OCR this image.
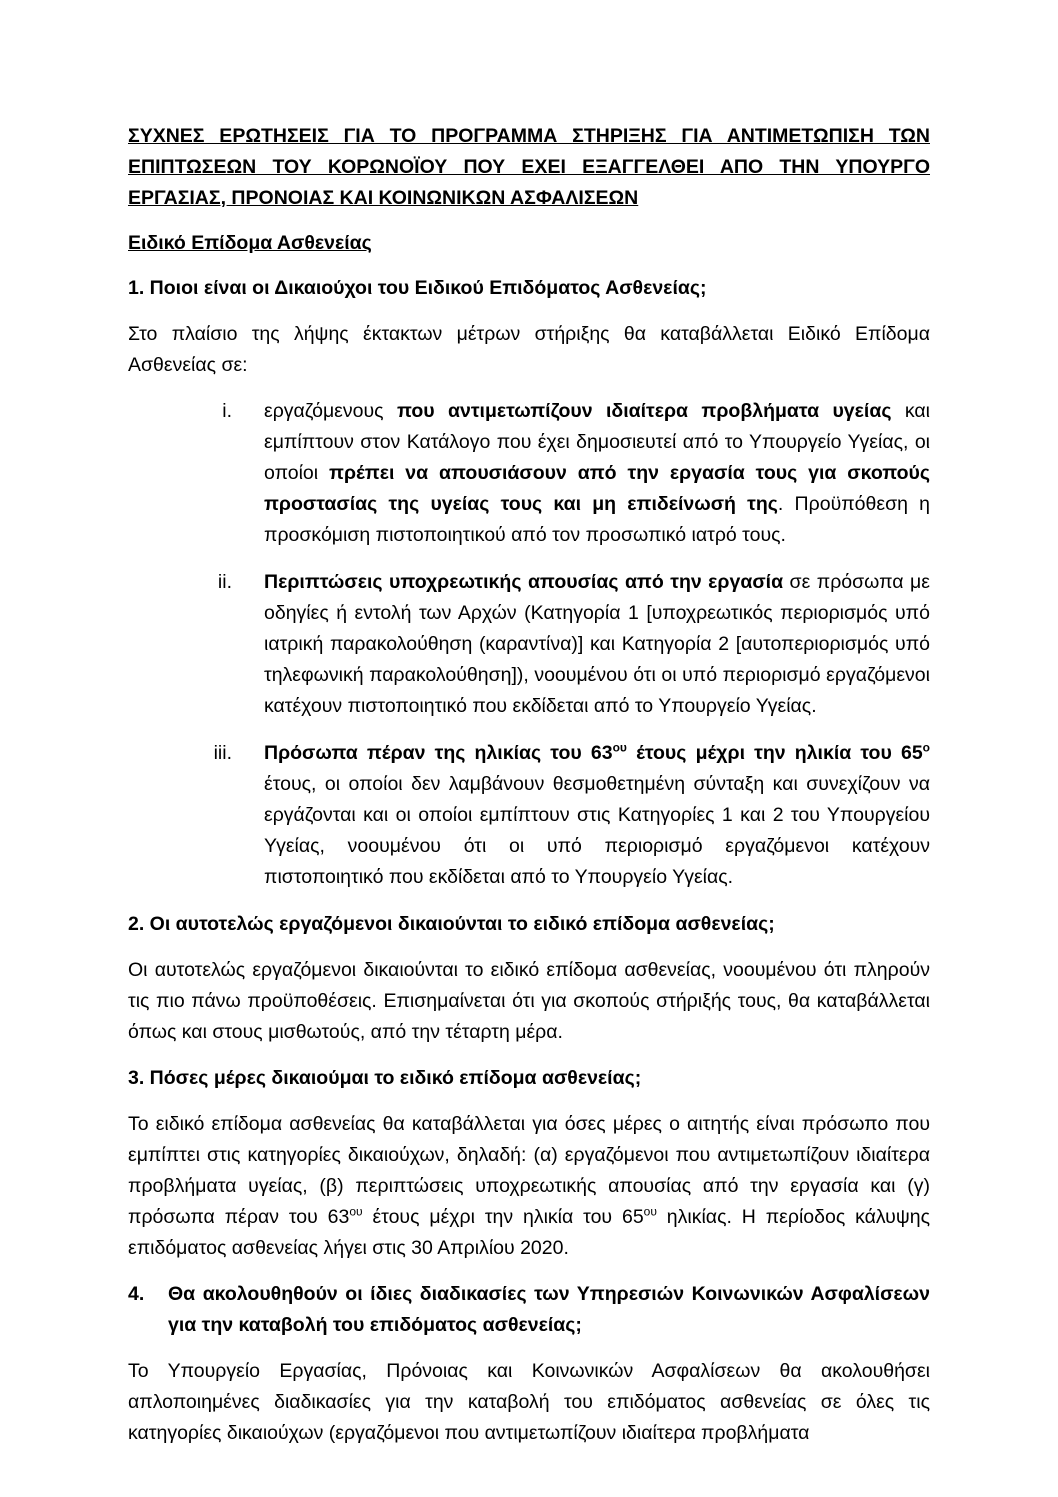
ΣΥΧΝΕΣ ΕΡΩΤΗΣΕΙΣ ΓΙΑ ΤΟ ΠΡΟΓΡΑΜΜΑ ΣΤΗΡΙΞΗΣ ΓΙΑ ΑΝΤΙΜΕΤΩΠΙΣΗ ΤΩΝ ΕΠΙΠΤΩΣΕΩΝ ΤΟΥ ΚΟΡΩΝΟΪΟΥ ΠΟΥ ΕΧΕΙ ΕΞΑΓΓΕΛΘΕΙ ΑΠΟ ΤΗΝ ΥΠΟΥΡΓΟ ΕΡΓΑΣΙΑΣ, ΠΡΟΝΟΙΑΣ ΚΑΙ ΚΟΙΝΩΝΙΚΩΝ ΑΣΦΑΛΙΣΕΩΝ
Ειδικό Επίδομα Ασθενείας
1. Ποιοι είναι οι Δικαιούχοι του Ειδικού Επιδόματος Ασθενείας;
Στο πλαίσιο της λήψης έκτακτων μέτρων στήριξης θα καταβάλλεται Ειδικό Επίδομα Ασθενείας σε:
i.	εργαζόμενους που αντιμετωπίζουν ιδιαίτερα προβλήματα υγείας και εμπίπτουν στον Κατάλογο που έχει δημοσιευτεί από το Υπουργείο Υγείας, οι οποίοι πρέπει να απουσιάσουν από την εργασία τους για σκοπούς προστασίας της υγείας τους και μη επιδείνωσή της. Προϋπόθεση η προσκόμιση πιστοποιητικού από τον προσωπικό ιατρό τους.
ii.	Περιπτώσεις υποχρεωτικής απουσίας από την εργασία σε πρόσωπα με οδηγίες ή εντολή των Αρχών (Κατηγορία 1 [υποχρεωτικός περιορισμός υπό ιατρική παρακολούθηση (καραντίνα)] και Κατηγορία 2 [αυτοπεριορισμός υπό τηλεφωνική παρακολούθηση]), νοουμένου ότι οι υπό περιορισμό εργαζόμενοι κατέχουν πιστοποιητικό που εκδίδεται από το Υπουργείο Υγείας.
iii.	Πρόσωπα πέραν της ηλικίας του $63^{o\upsilon}$ έτους μέχρι την ηλικία του $65^o$ έτους, οι οποίοι δεν λαμβάνουν θεσμοθετημένη σύνταξη και συνεχίζουν να εργάζονται και οι οποίοι εμπίπτουν στις Κατηγορίες 1 και 2 του Υπουργείου Υγείας, νοουμένου ότι οι υπό περιορισμό εργαζόμενοι κατέχουν πιστοποιητικό που εκδίδεται από το Υπουργείο Υγείας.
2. Οι αυτοτελώς εργαζόμενοι δικαιούνται το ειδικό επίδομα ασθενείας;
Οι αυτοτελώς εργαζόμενοι δικαιούνται το ειδικό επίδομα ασθενείας, νοουμένου ότι πληρούν τις πιο πάνω προϋποθέσεις. Επισημαίνεται ότι για σκοπούς στήριξής τους, θα καταβάλλεται όπως και στους μισθωτούς, από την τέταρτη μέρα.
3. Πόσες μέρες δικαιούμαι το ειδικό επίδομα ασθενείας;
Το ειδικό επίδομα ασθενείας θα καταβάλλεται για όσες μέρες ο αιτητής είναι πρόσωπο που εμπίπτει στις κατηγορίες δικαιούχων, δηλαδή: (α) εργαζόμενοι που αντιμετωπίζουν ιδιαίτερα προβλήματα υγείας, (β) περιπτώσεις υποχρεωτικής απουσίας από την εργασία και (γ) πρόσωπα πέραν του $63^{o\upsilon}$ έτους μέχρι την ηλικία του $65^{o\upsilon}$ ηλικίας. Η περίοδος κάλυψης επιδόματος ασθενείας λήγει στις 30 Απριλίου 2020.
4.	Θα ακολουθηθούν οι ίδιες διαδικασίες των Υπηρεσιών Κοινωνικών Ασφαλίσεων για την καταβολή του επιδόματος ασθενείας;
Το Υπουργείο Εργασίας, Πρόνοιας και Κοινωνικών Ασφαλίσεων θα ακολουθήσει απλοποιημένες διαδικασίες για την καταβολή του επιδόματος ασθενείας σε όλες τις κατηγορίες δικαιούχων (εργαζόμενοι που αντιμετωπίζουν ιδιαίτερα προβλήματα
